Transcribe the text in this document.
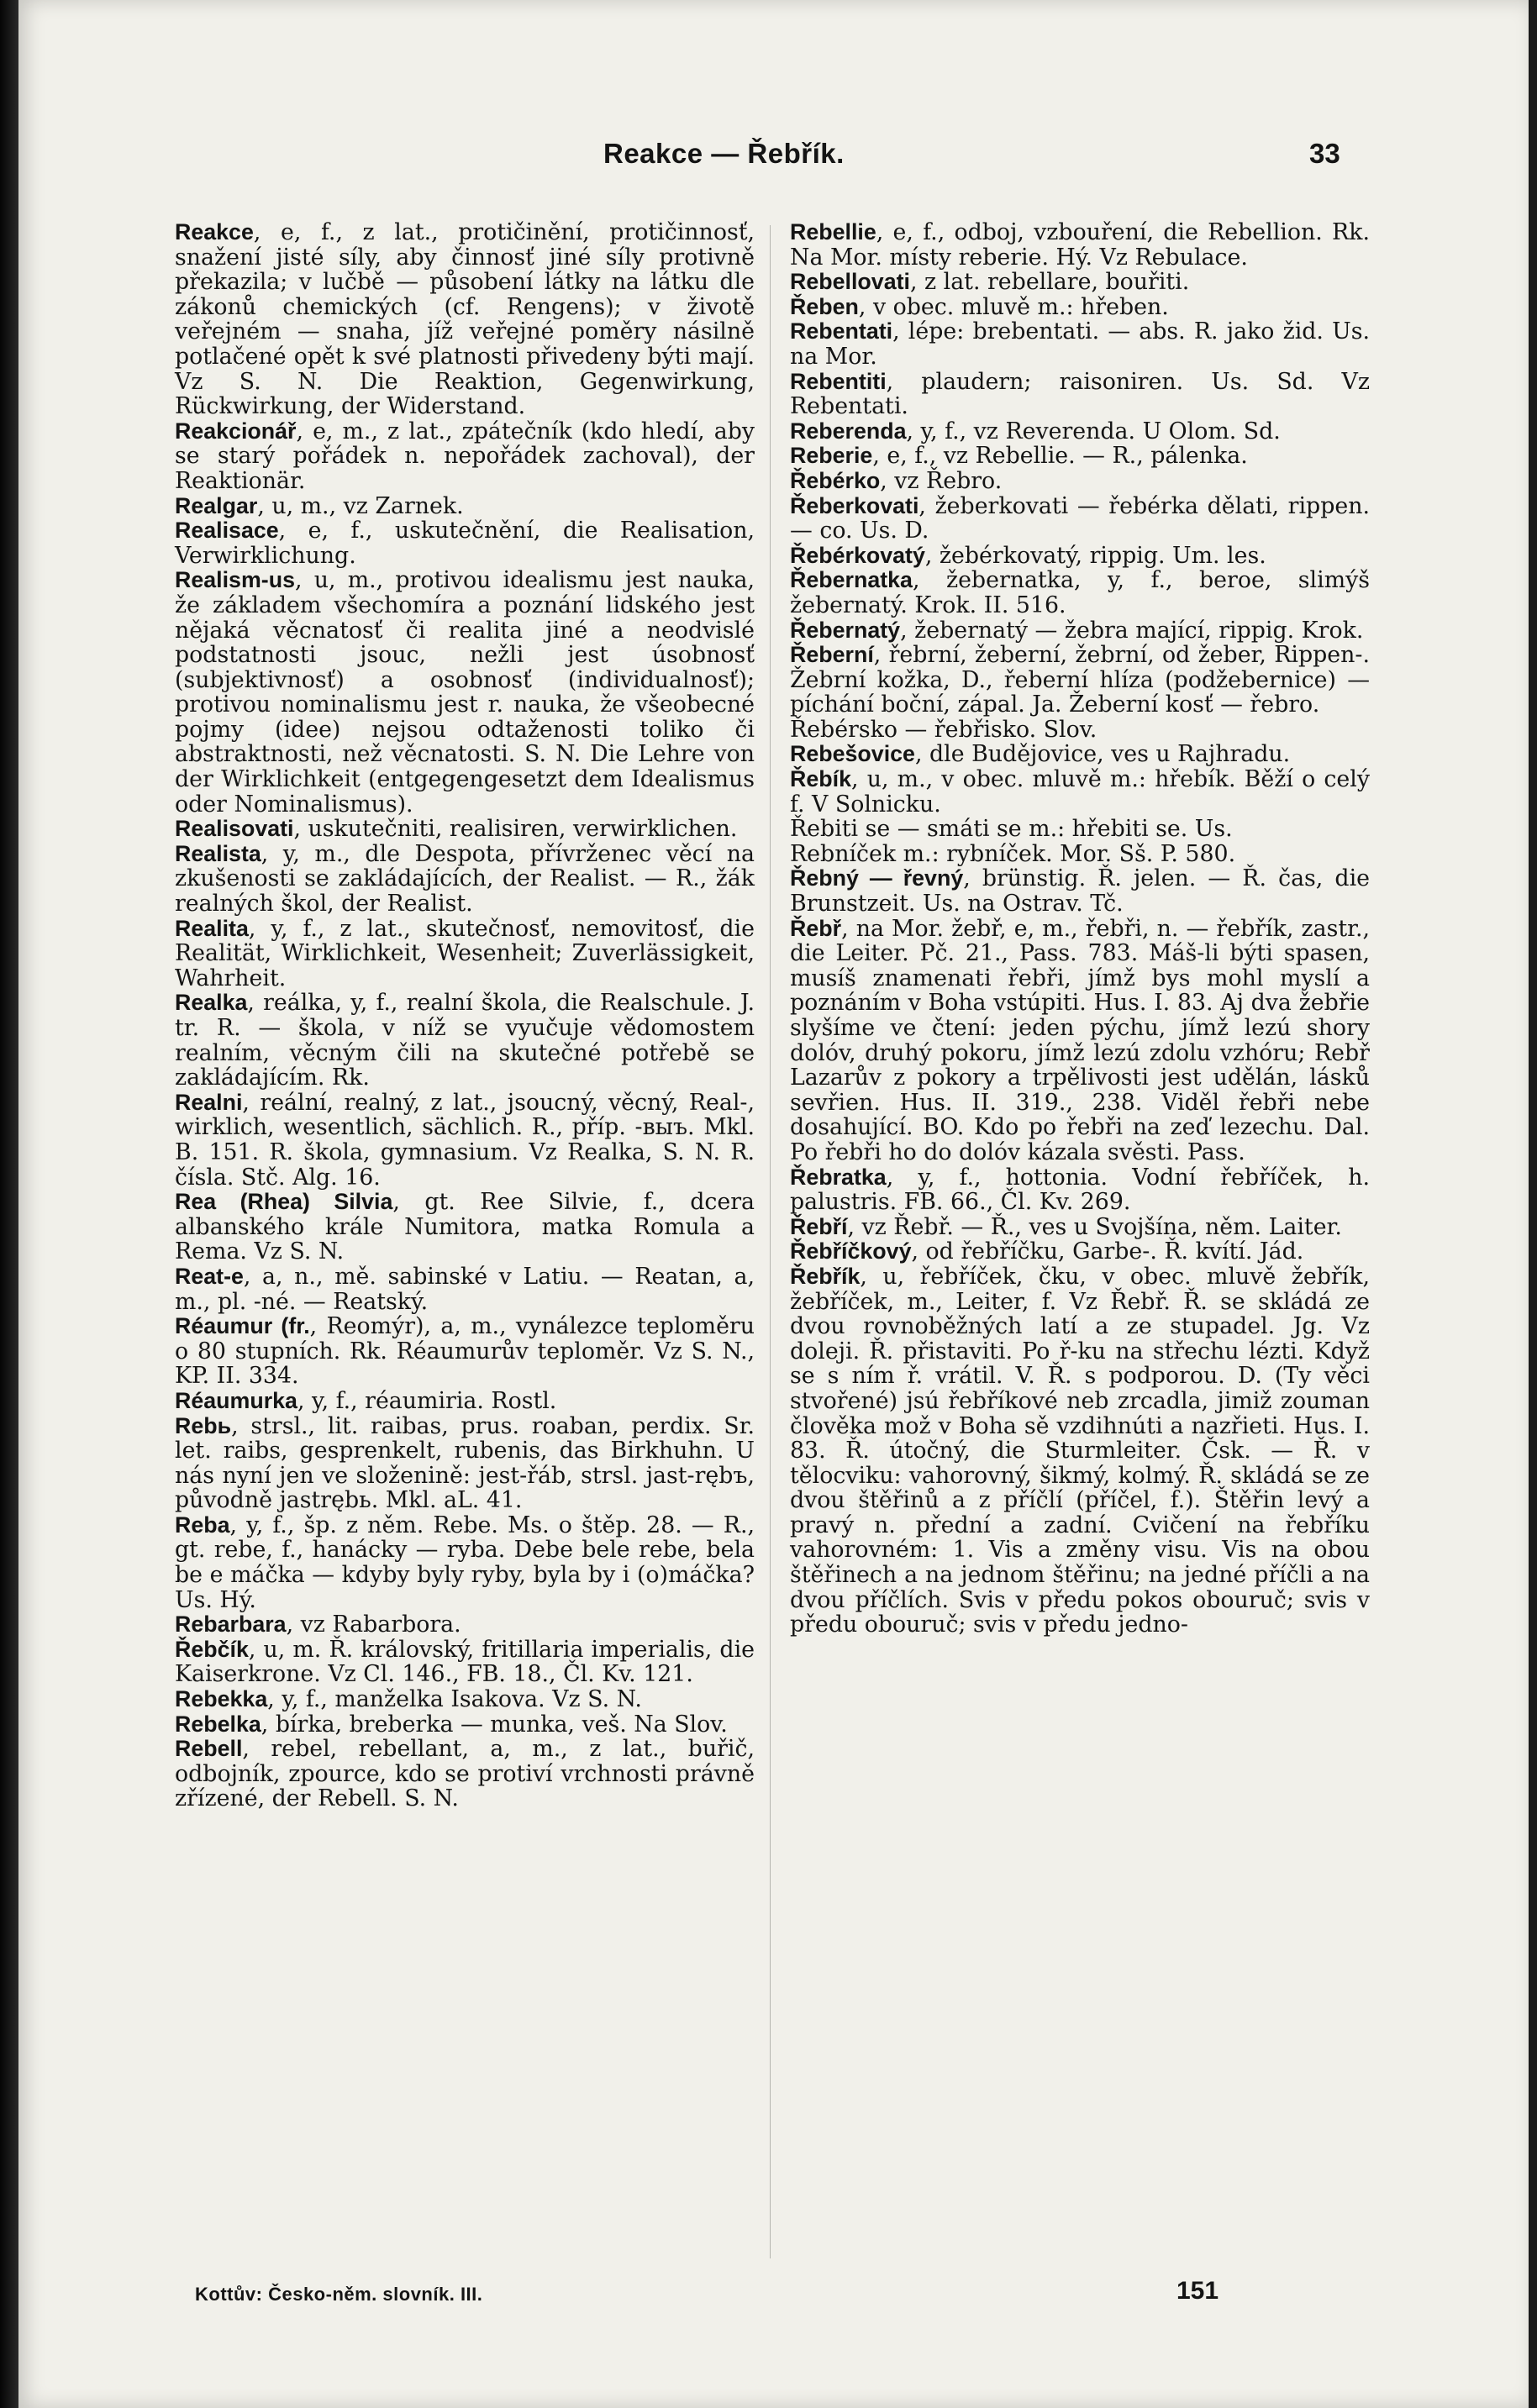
Reakce — Řebřík.	33

Reakce, e, f., z lat., protičinění, protičinnosť, snažení jisté síly, aby činnosť jiné síly protivně překazila; v lučbě — působení látky na látku dle zákonů chemických (cf. Rengens); v životě veřejném — snaha, jíž veřejné poměry násilně potlačené opět k své platnosti přivedeny býti mají. Vz S. N. Die Reaktion, Gegenwirkung, Rückwirkung, der Widerstand.

Reakcionář, e, m., z lat., zpátečník (kdo hledí, aby se starý pořádek n. nepořádek zachoval), der Reaktionär.

Realgar, u, m., vz Zarnek.

Realisace, e, f., uskutečnění, die Realisation, Verwirklichung.

Realism-us, u, m., protivou idealismu jest nauka, že základem všechomíra a poznání lidského jest nějaká věcnatosť či realita jiné a neodvislé podstatnosti jsouc, nežli jest úsobnosť (subjektivnosť) a osobnosť (individualnosť); protivou nominalismu jest r. nauka, že všeobecné pojmy (idee) nejsou odtaženosti toliko či abstraktnosti, než věcnatosti. S. N. Die Lehre von der Wirklichkeit (entgegengesetzt dem Idealismus oder Nominalismus).

Realisovati, uskutečniti, realisiren, verwirklichen.

Realista, y, m., dle Despota, přívrženec věcí na zkušenosti se zakládajících, der Realist. — R., žák realných škol, der Realist.

Realita, y, f., z lat., skutečnosť, nemovitosť, die Realität, Wirklichkeit, Wesenheit; Zuverlässigkeit, Wahrheit.

Realka, reálka, y, f., realní škola, die Realschule. J. tr. R. — škola, v níž se vyučuje vědomostem realním, věcným čili na skutečné potřebě se zakládajícím. Rk.

Realni, reální, realný, z lat., jsoucný, věcný, Real-, wirklich, wesentlich, sächlich. R., příp. -выъ. Mkl. B. 151. R. škola, gymnasium. Vz Realka, S. N. R. čísla. Stč. Alg. 16.

Rea (Rhea) Silvia, gt. Ree Silvie, f., dcera albanského krále Numitora, matka Romula a Rema. Vz S. N.

Reat-e, a, n., mě. sabinské v Latiu. — Reatan, a, m., pl. -né. — Reatský.

Réaumur (fr., Reomýr), a, m., vynálezce teploměru o 80 stupních. Rk. Réaumurův teploměr. Vz S. N., KP. II. 334.

Réaumurka, y, f., réaumiria. Rostl.

Rebь, strsl., lit. raibas, prus. roaban, perdix. Sr. let. raibs, gesprenkelt, rubenis, das Birkhuhn. U nás nyní jen ve složenině: jest-řáb, strsl. jast-rębъ, původně jastrębь. Mkl. aL. 41.

Reba, y, f., šp. z něm. Rebe. Ms. o štěp. 28. — R., gt. rebe, f., hanácky — ryba. Debe bele rebe, bela be e máčka — kdyby byly ryby, byla by i (o)máčka? Us. Hý.

Rebarbara, vz Rabarbora.

Řebčík, u, m. Ř. královský, fritillaria imperialis, die Kaiserkrone. Vz Cl. 146., FB. 18., Čl. Kv. 121.

Rebekka, y, f., manželka Isakova. Vz S. N.

Rebelka, bírka, breberka — munka, veš. Na Slov.

Rebell, rebel, rebellant, a, m., z lat., buřič, odbojník, zpource, kdo se protiví vrchnosti právně zřízené, der Rebell. S. N.

Rebellie, e, f., odboj, vzbouření, die Rebellion. Rk. Na Mor. místy reberie. Hý. Vz Rebulace.

Rebellovati, z lat. rebellare, bouřiti.

Řeben, v obec. mluvě m.: hřeben.

Rebentati, lépe: brebentati. — abs. R. jako žid. Us. na Mor.

Rebentiti, plaudern; raisoniren. Us. Sd. Vz Rebentati.

Reberenda, y, f., vz Reverenda. U Olom. Sd.

Reberie, e, f., vz Rebellie. — R., pálenka.

Řebérko, vz Řebro.

Řeberkovati, žeberkovati — řebérka dělati, rippen. — co. Us. D.

Řebérkovatý, žebérkovatý, rippig. Um. les.

Řebernatka, žebernatka, y, f., beroe, slimýš žebernatý. Krok. II. 516.

Řebernatý, žebernatý — žebra mající, rippig. Krok.

Řeberní, řebrní, žeberní, žebrní, od žeber, Rippen-. Žebrní kožka, D., řeberní hlíza (podžebernice) — píchání boční, zápal. Ja. Žeberní kosť — řebro.

Řebérsko — řebřisko. Slov.

Rebešovice, dle Budějovice, ves u Rajhradu.

Řebík, u, m., v obec. mluvě m.: hřebík. Běží o celý f. V Solnicku.

Řebiti se — smáti se m.: hřebiti se. Us.

Rebníček m.: rybníček. Mor. Sš. P. 580.

Řebný — řevný, brünstig. Ř. jelen. — Ř. čas, die Brunstzeit. Us. na Ostrav. Tč.

Řebř, na Mor. žebř, e, m., řebři, n. — řebřík, zastr., die Leiter. Pč. 21., Pass. 783. Máš-li býti spasen, musíš znamenati řebři, jímž bys mohl myslí a poznáním v Boha vstúpiti. Hus. I. 83. Aj dva žebřie slyšíme ve čtení: jeden pýchu, jímž lezú shory dolóv, druhý pokoru, jímž lezú zdolu vzhóru; Rebř Lazarův z pokory a trpělivosti jest udělán, lásků sevřien. Hus. II. 319., 238. Viděl řebři nebe dosahující. BO. Kdo po řebři na zeď lezechu. Dal. Po řebři ho do dolóv kázala svěsti. Pass.

Řebratka, y, f., hottonia. Vodní řebříček, h. palustris. FB. 66., Čl. Kv. 269.

Řebří, vz Řebř. — Ř., ves u Svojšína, něm. Laiter.

Řebříčkový, od řebříčku, Garbe-. Ř. kvítí. Jád.

Řebřík, u, řebříček, čku, v obec. mluvě žebřík, žebříček, m., Leiter, f. Vz Řebř. Ř. se skládá ze dvou rovnoběžných latí a ze stupadel. Jg. Vz doleji. Ř. přistaviti. Po ř-ku na střechu lézti. Když se s ním ř. vrátil. V. Ř. s podporou. D. (Ty věci stvořené) jsú řebříkové neb zrcadla, jimiž zouman člověka mož v Boha sě vzdihnúti a nazřieti. Hus. I. 83. Ř. útočný, die Sturmleiter. Čsk. — Ř. v tělocviku: vahorovný, šikmý, kolmý. Ř. skládá se ze dvou štěřinů a z příčlí (příčel, f.). Štěřin levý a pravý n. přední a zadní. Cvičení na řebříku vahorovném: 1. Vis a změny visu. Vis na obou štěřinech a na jednom štěřinu; na jedné příčli a na dvou příčlích. Svis v předu pokos obouruč; svis v předu obouruč; svis v předu jedno-

Kottův: Česko-něm. slovník. III.	151
